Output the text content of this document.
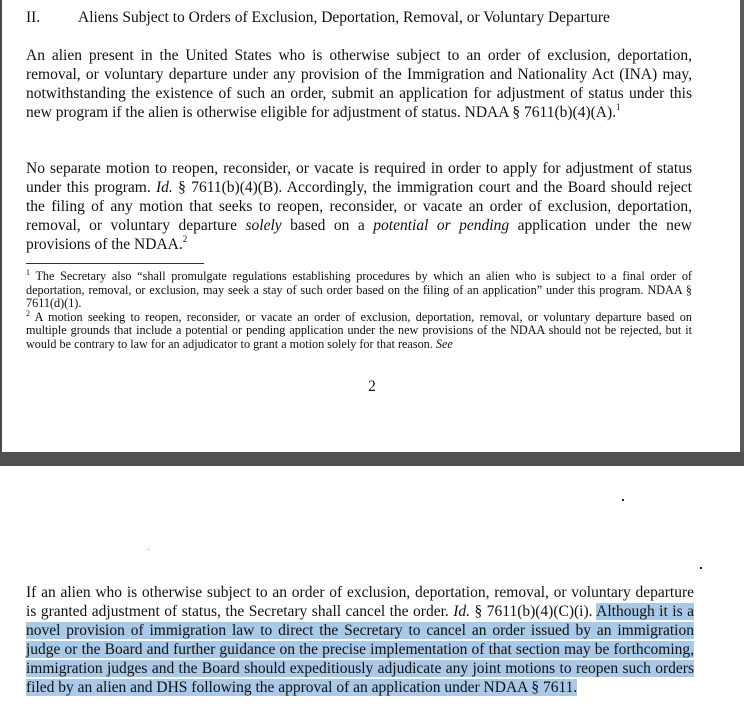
II. Aliens Subject to Orders of Exclusion, Deportation, Removal, or Voluntary Departure

An alien present in the United States who is otherwise subject to an order of exclusion, deportation, removal, or voluntary departure under any provision of the Immigration and Nationality Act (INA) may, notwithstanding the existence of such an order, submit an application for adjustment of status under this new program if the alien is otherwise eligible for adjustment of status. NDAA § 7611(b)(4)(A).$^1$

No separate motion to reopen, reconsider, or vacate is required in order to apply for adjustment of status under this program. Id. § 7611(b)(4)(B). Accordingly, the immigration court and the Board should reject the filing of any motion that seeks to reopen, reconsider, or vacate an order of exclusion, deportation, removal, or voluntary departure solely based on a potential or pending application under the new provisions of the NDAA.$^2$

$^1$ The Secretary also “shall promulgate regulations establishing procedures by which an alien who is subject to a final order of deportation, removal, or exclusion, may seek a stay of such order based on the filing of an application” under this program. NDAA § 7611(d)(1).

$^2$ A motion seeking to reopen, reconsider, or vacate an order of exclusion, deportation, removal, or voluntary departure based on multiple grounds that include a potential or pending application under the new provisions of the NDAA should not be rejected, but it would be contrary to law for an adjudicator to grant a motion solely for that reason. See

2

If an alien who is otherwise subject to an order of exclusion, deportation, removal, or voluntary departure is granted adjustment of status, the Secretary shall cancel the order. Id. § 7611(b)(4)(C)(i). Although it is a novel provision of immigration law to direct the Secretary to cancel an order issued by an immigration judge or the Board and further guidance on the precise implementation of that section may be forthcoming, immigration judges and the Board should expeditiously adjudicate any joint motions to reopen such orders filed by an alien and DHS following the approval of an application under NDAA § 7611.
